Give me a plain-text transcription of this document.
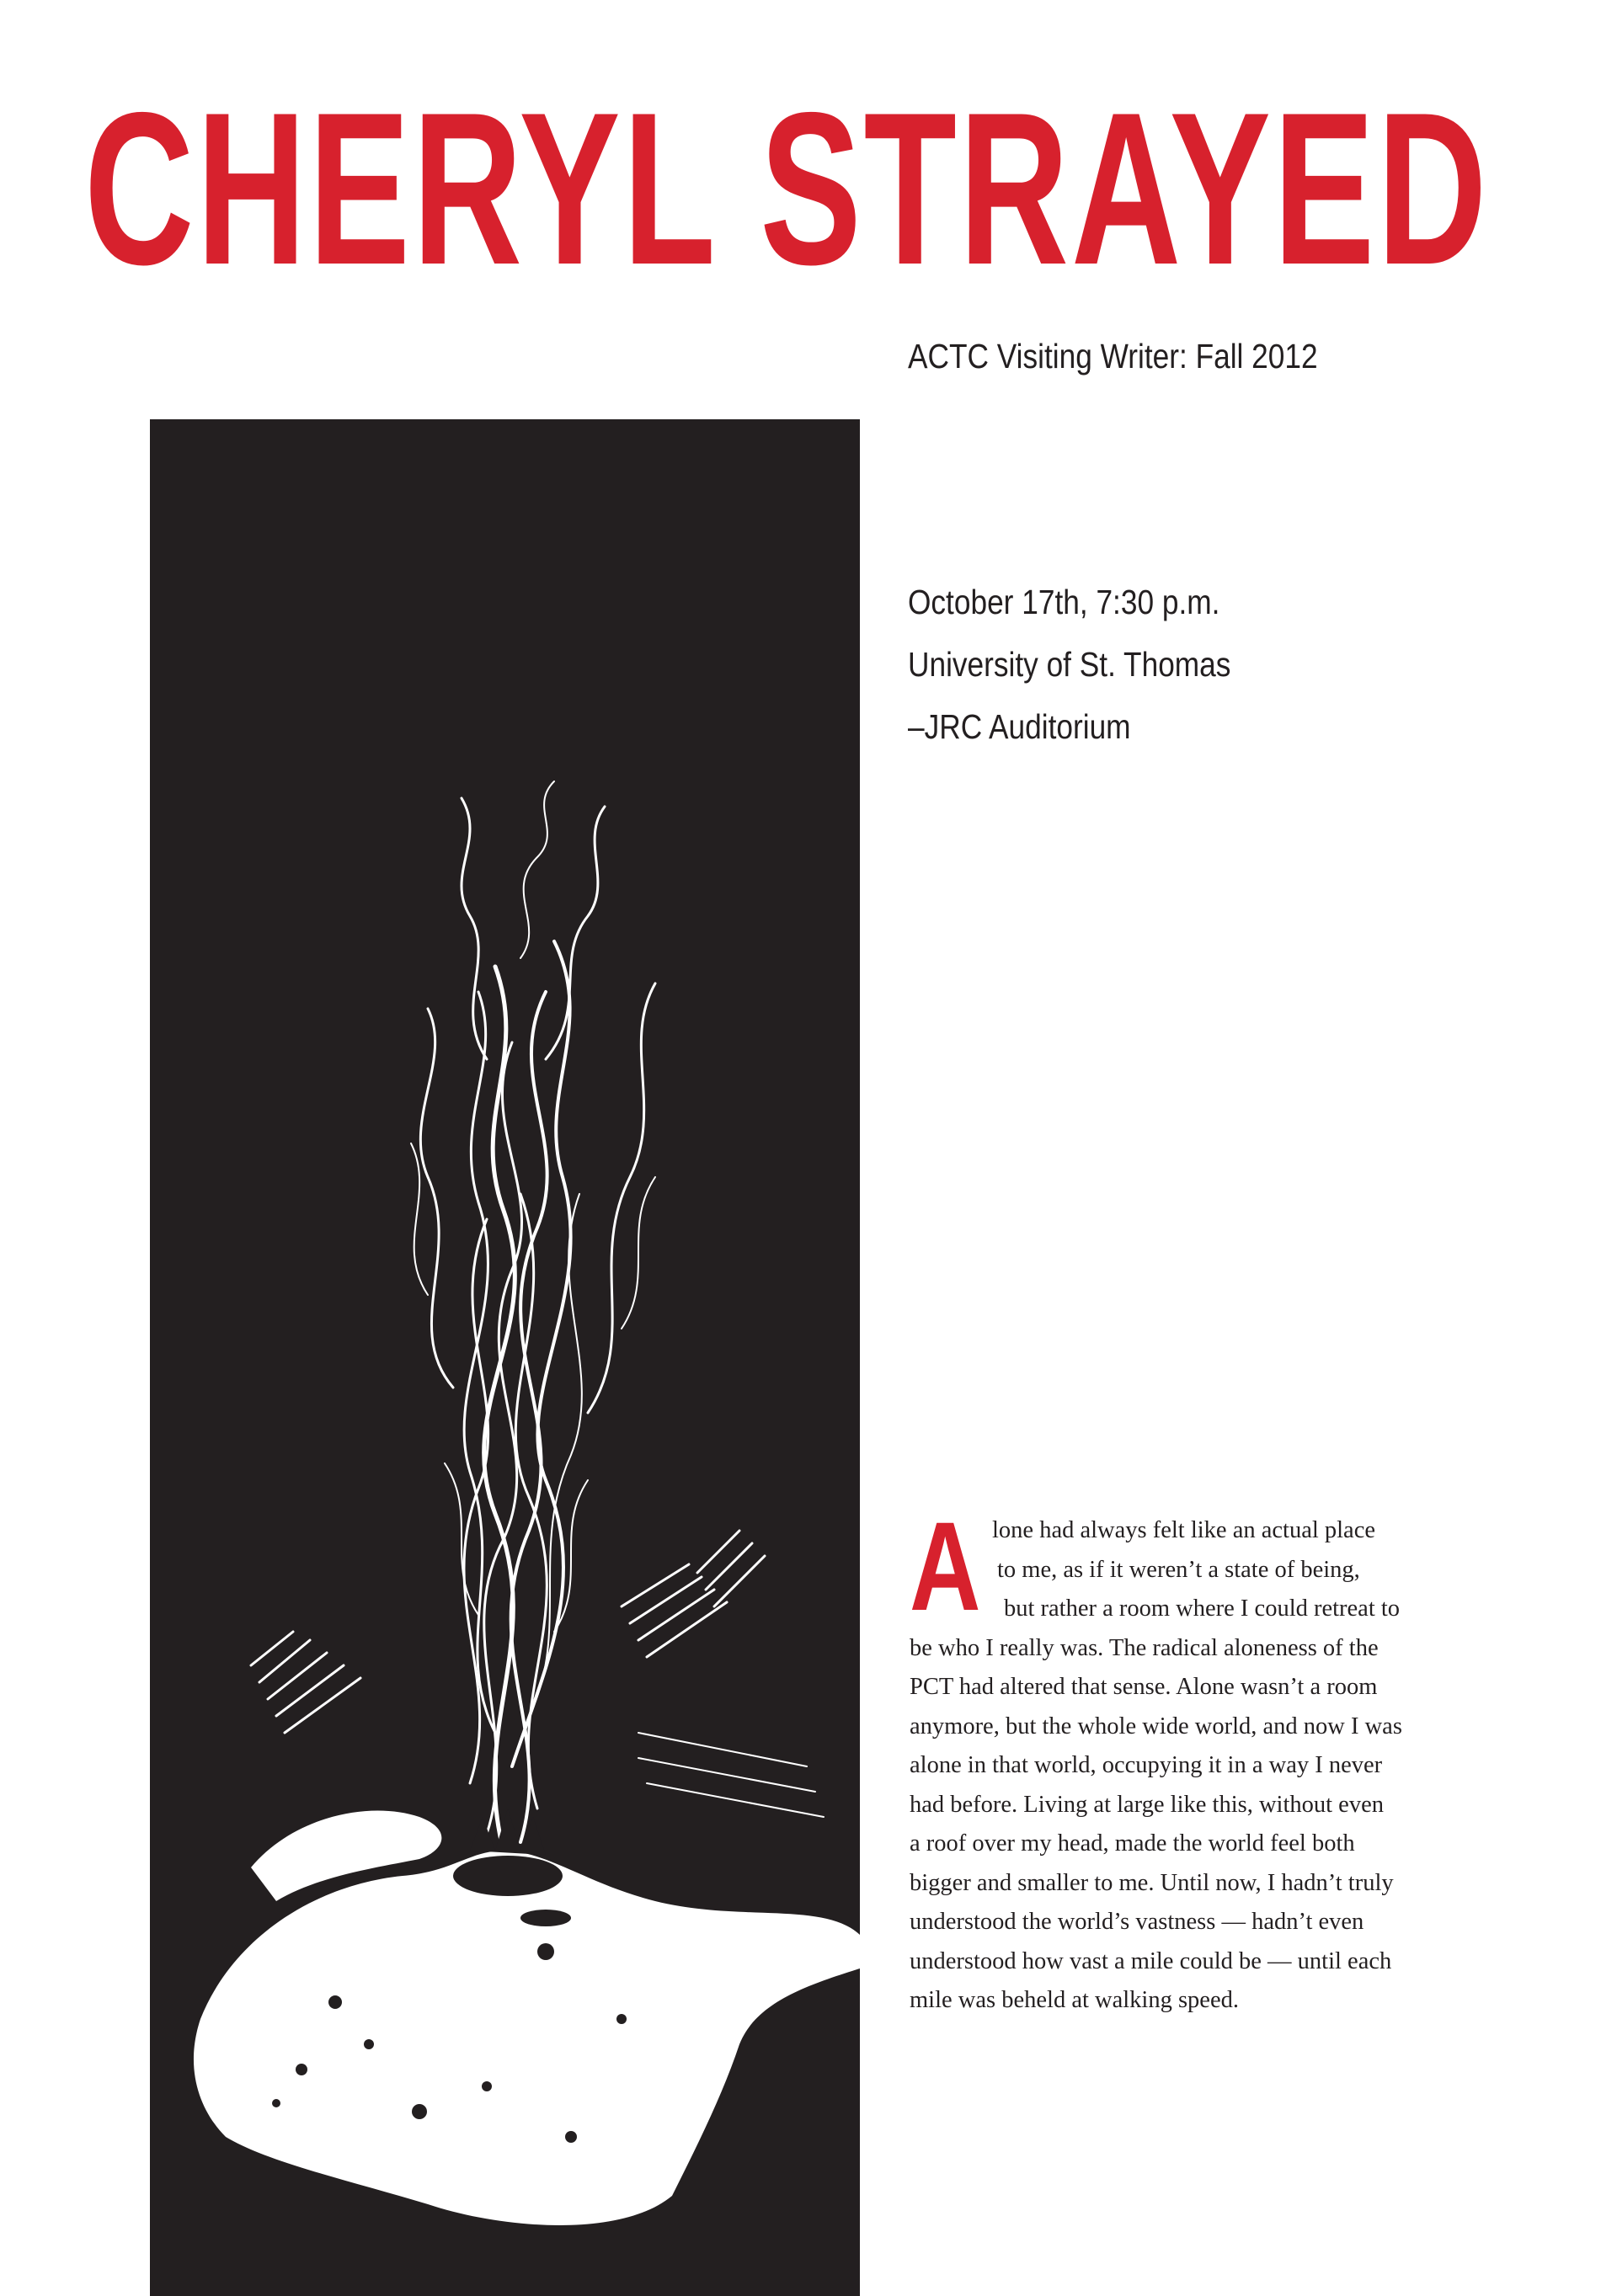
CHERYL STRAYED
ACTC Visiting Writer: Fall 2012
October 17th, 7:30 p.m.
University of St. Thomas
–JRC Auditorium
A lone had always felt like an actual place
to me, as if it weren’t a state of being,
but rather a room where I could retreat to
be who I really was. The radical aloneness of the
PCT had altered that sense. Alone wasn’t a room
anymore, but the whole wide world, and now I was
alone in that world, occupying it in a way I never
had before. Living at large like this, without even
a roof over my head, made the world feel both
bigger and smaller to me. Until now, I hadn’t truly
understood the world’s vastness — hadn’t even
understood how vast a mile could be — until each
mile was beheld at walking speed.
